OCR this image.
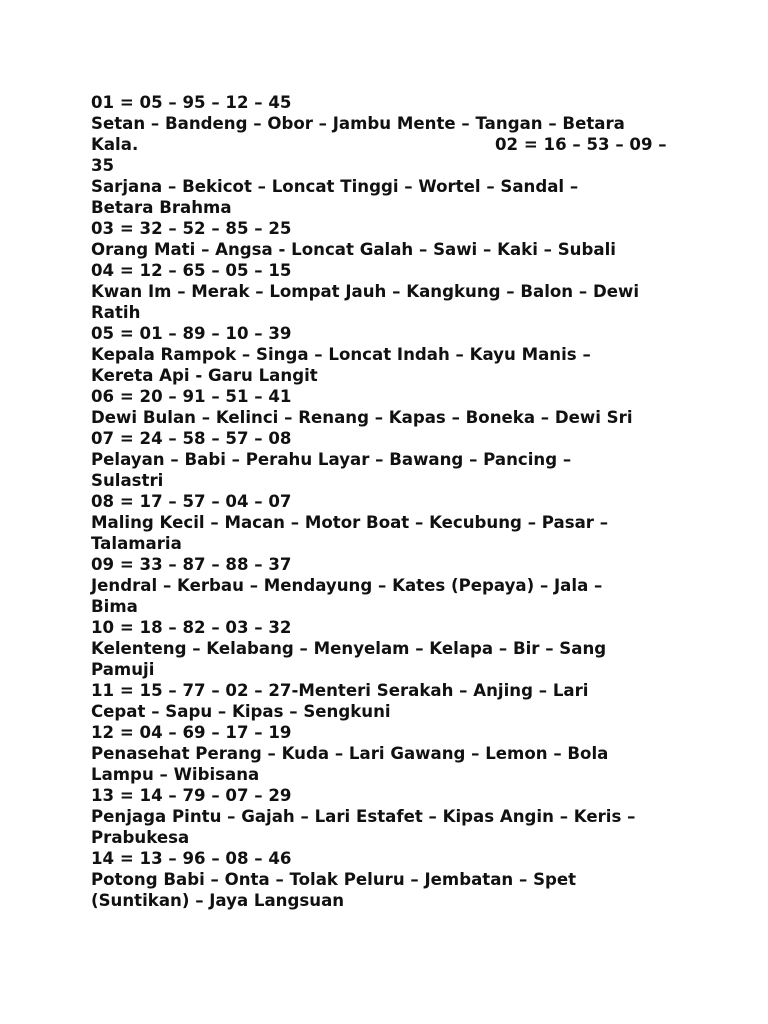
01 = 05 – 95 – 12 – 45
Setan – Bandeng – Obor – Jambu Mente – Tangan – Betara
Kala.	02 = 16 – 53 – 09 –
35
Sarjana – Bekicot – Loncat Tinggi – Wortel – Sandal –
Betara Brahma
03 = 32 – 52 – 85 – 25
Orang Mati – Angsa - Loncat Galah – Sawi – Kaki – Subali
04 = 12 – 65 – 05 – 15
Kwan Im – Merak – Lompat Jauh – Kangkung – Balon – Dewi
Ratih
05 = 01 – 89 – 10 – 39
Kepala Rampok – Singa – Loncat Indah – Kayu Manis –
Kereta Api - Garu Langit
06 = 20 – 91 – 51 – 41
Dewi Bulan – Kelinci – Renang – Kapas – Boneka – Dewi Sri
07 = 24 – 58 – 57 – 08
Pelayan – Babi – Perahu Layar – Bawang – Pancing –
Sulastri
08 = 17 – 57 – 04 – 07
Maling Kecil – Macan – Motor Boat – Kecubung – Pasar –
Talamaria
09 = 33 – 87 – 88 – 37
Jendral – Kerbau – Mendayung – Kates (Pepaya) – Jala –
Bima
10 = 18 – 82 – 03 – 32
Kelenteng – Kelabang – Menyelam – Kelapa – Bir – Sang
Pamuji
11 = 15 – 77 – 02 – 27-Menteri Serakah – Anjing – Lari
Cepat – Sapu – Kipas – Sengkuni
12 = 04 – 69 – 17 – 19
Penasehat Perang – Kuda – Lari Gawang – Lemon – Bola
Lampu – Wibisana
13 = 14 – 79 – 07 – 29
Penjaga Pintu – Gajah – Lari Estafet – Kipas Angin – Keris –
Prabukesa
14 = 13 – 96 – 08 – 46
Potong Babi – Onta – Tolak Peluru – Jembatan – Spet
(Suntikan) – Jaya Langsuan
